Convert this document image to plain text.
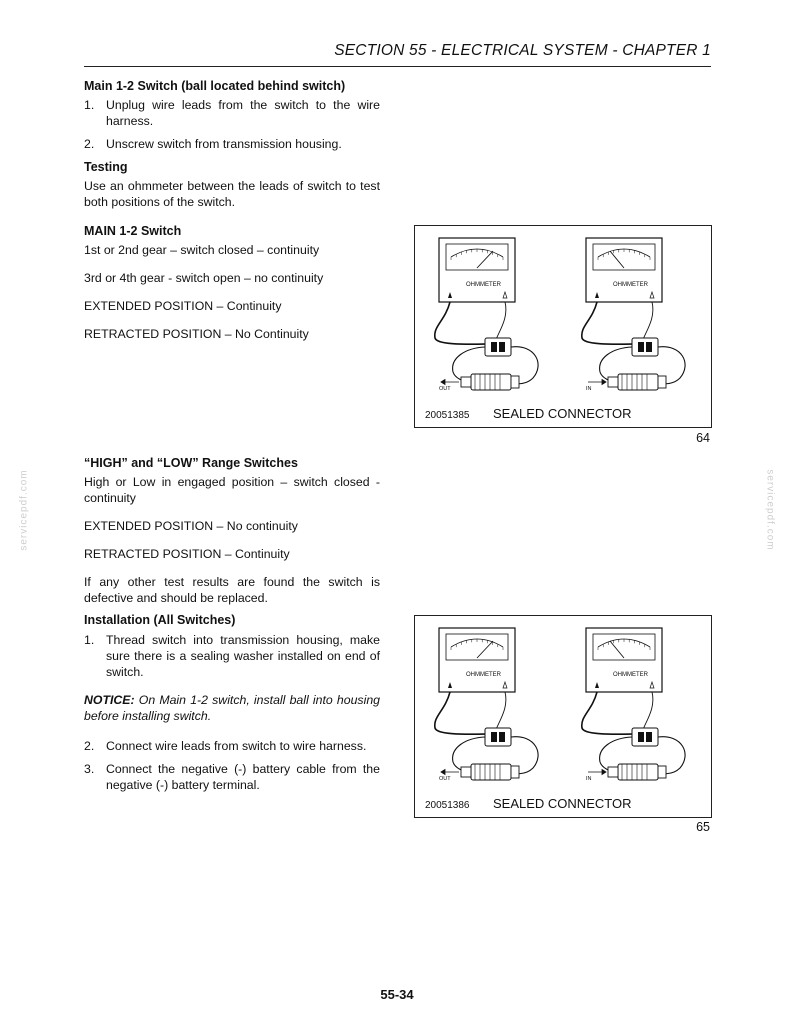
SECTION 55 - ELECTRICAL SYSTEM - CHAPTER 1
Main 1-2 Switch (ball located behind switch)
1. Unplug wire leads from the switch to the wire harness.
2. Unscrew switch from transmission housing.
Testing

Use an ohmmeter between the leads of switch to test both positions of the switch.

MAIN 1-2 Switch

1st or 2nd gear – switch closed – continuity

3rd or 4th gear - switch open – no continuity

EXTENDED POSITION – Continuity

RETRACTED POSITION – No Continuity

“HIGH” and “LOW” Range Switches

High or Low in engaged position – switch closed - continuity

EXTENDED POSITION – No continuity

RETRACTED POSITION – Continuity

If any other test results are found the switch is defective and should be replaced.

Installation (All Switches)
1. Thread switch into transmission housing, make sure there is a sealing washer installed on end of switch.

NOTICE: On Main 1-2 switch, install ball into housing before installing switch.

2. Connect wire leads from switch to wire harness.
3. Connect the negative (-) battery cable from the negative (-) battery terminal.
OHMMETER	OHMMETER
OUT	IN
20051385 SEALED CONNECTOR
64
OHMMETER	OHMMETER
OUT	IN
20051386 SEALED CONNECTOR
65
servicepdf.com	servicepdf.com
55-34
